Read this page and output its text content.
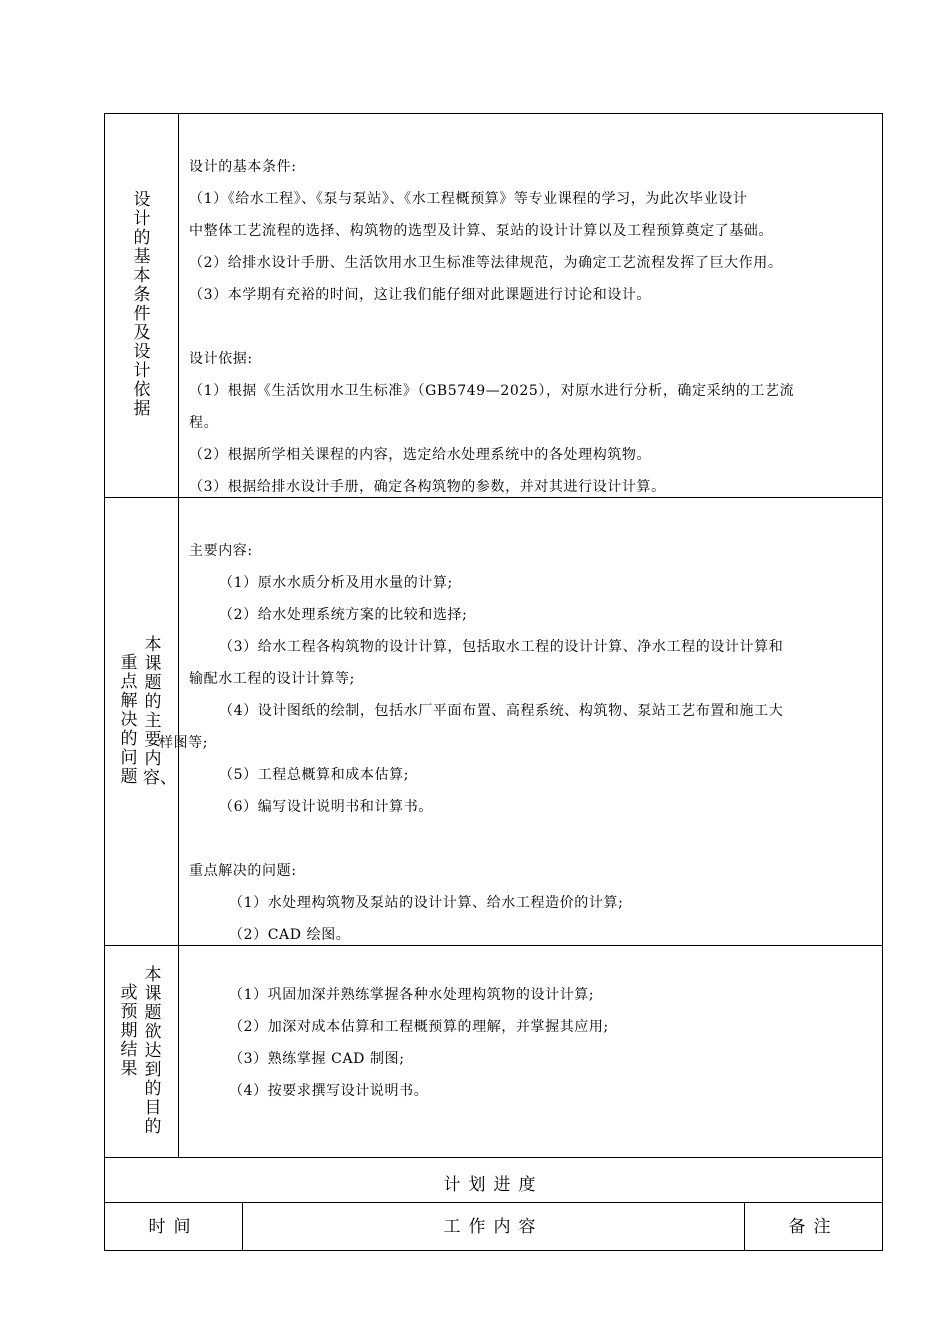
设计的基本条件及设计依据
设计的基本条件:
（1）《给水工程》、《泵与泵站》、《水工程概预算》等专业课程的学习，为此次毕业设计
中整体工艺流程的选择、构筑物的选型及计算、泵站的设计计算以及工程预算奠定了基础。
（2）给排水设计手册、生活饮用水卫生标准等法律规范，为确定工艺流程发挥了巨大作用。
（3）本学期有充裕的时间，这让我们能仔细对此课题进行讨论和设计。
设计依据:
（1）根据《生活饮用水卫生标准》（GB5749—2025），对原水进行分析，确定采纳的工艺流
程。
（2）根据所学相关课程的内容，选定给水处理系统中的各处理构筑物。
（3）根据给排水设计手册，确定各构筑物的参数，并对其进行设计计算。
本课题的主要内容、
重点解决的问题
主要内容:
（1）原水水质分析及用水量的计算;
（2）给水处理系统方案的比较和选择;
（3）给水工程各构筑物的设计计算，包括取水工程的设计计算、净水工程的设计计算和
输配水工程的设计计算等;
（4）设计图纸的绘制，包括水厂平面布置、高程系统、构筑物、泵站工艺布置和施工大
样图等;
（5）工程总概算和成本估算;
（6）编写设计说明书和计算书。
重点解决的问题:
（1）水处理构筑物及泵站的设计计算、给水工程造价的计算;
（2）CAD 绘图。
本课题欲达到的目的
或预期结果
（1）巩固加深并熟练掌握各种水处理构筑物的设计计算;
（2）加深对成本估算和工程概预算的理解，并掌握其应用;
（3）熟练掌握 CAD 制图;
（4）按要求撰写设计说明书。
计划进度
时间	工作内容	备注
